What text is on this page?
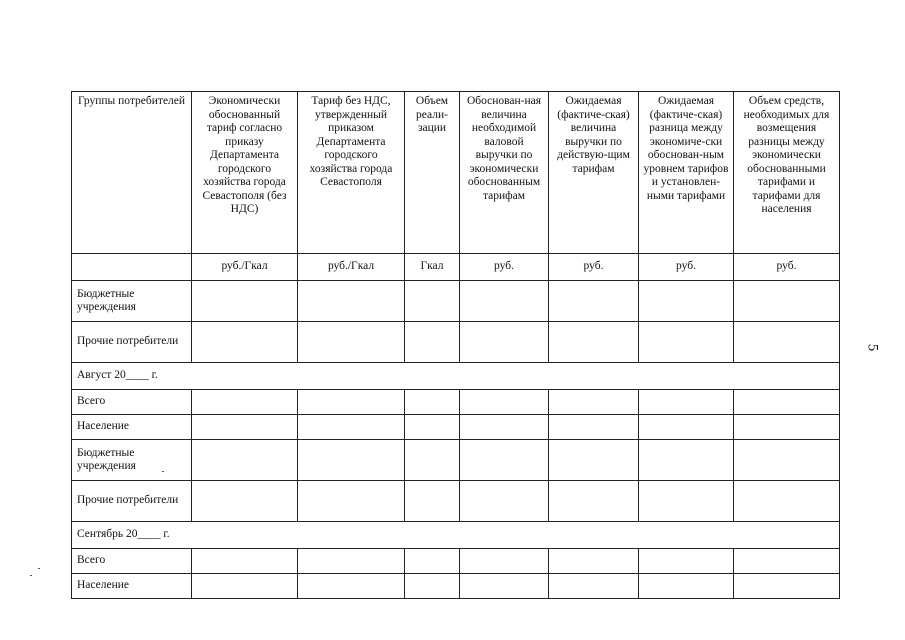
Группы потребителей	Экономически обоснованный тариф согласно приказу Департамента городского хозяйства города Севастополя (без НДС)	Тариф без НДС, утвержденный приказом Департамента городского хозяйства города Севастополя	Объем реали-зации	Обоснован-ная величина необходимой валовой выручки по экономически обоснованным тарифам	Ожидаемая (фактиче-ская) величина выручки по действую-щим тарифам	Ожидаемая (фактиче-ская) разница между экономиче-ски обоснован-ным уровнем тарифов и установлен-ными тарифами	Объем средств, необходимых для возмещения разницы между экономически обоснованными тарифами и тарифами для населения
	руб./Гкал	руб./Гкал	Гкал	руб.	руб.	руб.	руб.
Бюджетные учреждения							
Прочие потребители							
Август 20____ г.							
Всего							
Население							
Бюджетные учреждения							
Прочие потребители							
Сентябрь 20____ г.							
Всего							
Население							
5
